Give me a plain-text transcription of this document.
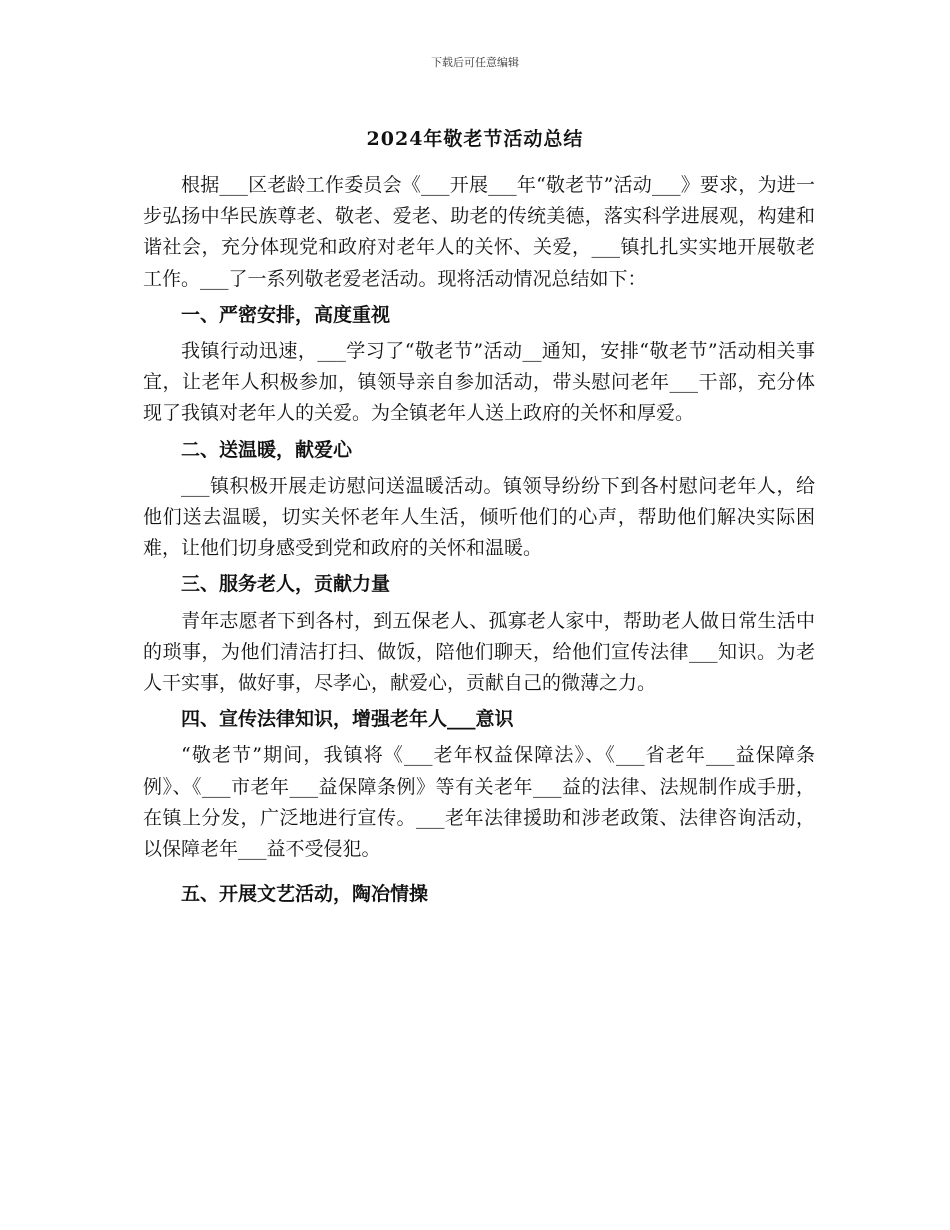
下载后可任意编辑
2024年敬老节活动总结

根据___区老龄工作委员会《___开展___年“敬老节”活动___》要求，为进一步弘扬中华民族尊老、敬老、爱老、助老的传统美德，落实科学进展观，构建和谐社会，充分体现党和政府对老年人的关怀、关爱，___镇扎扎实实地开展敬老工作。___了一系列敬老爱老活动。现将活动情况总结如下：

一、严密安排，高度重视

我镇行动迅速，___学习了“敬老节”活动__通知，安排“敬老节”活动相关事宜，让老年人积极参加，镇领导亲自参加活动，带头慰问老年___干部，充分体现了我镇对老年人的关爱。为全镇老年人送上政府的关怀和厚爱。

二、送温暖，献爱心

___镇积极开展走访慰问送温暖活动。镇领导纷纷下到各村慰问老年人，给他们送去温暖，切实关怀老年人生活，倾听他们的心声，帮助他们解决实际困难，让他们切身感受到党和政府的关怀和温暖。

三、服务老人，贡献力量

青年志愿者下到各村，到五保老人、孤寡老人家中，帮助老人做日常生活中的琐事，为他们清洁打扫、做饭，陪他们聊天，给他们宣传法律___知识。为老人干实事，做好事，尽孝心，献爱心，贡献自己的微薄之力。

四、宣传法律知识，增强老年人___意识

“敬老节”期间，我镇将《___老年权益保障法》、《___省老年___益保障条例》、《___市老年___益保障条例》等有关老年___益的法律、法规制作成手册，在镇上分发，广泛地进行宣传。___老年法律援助和涉老政策、法律咨询活动，以保障老年___益不受侵犯。

五、开展文艺活动，陶冶情操
